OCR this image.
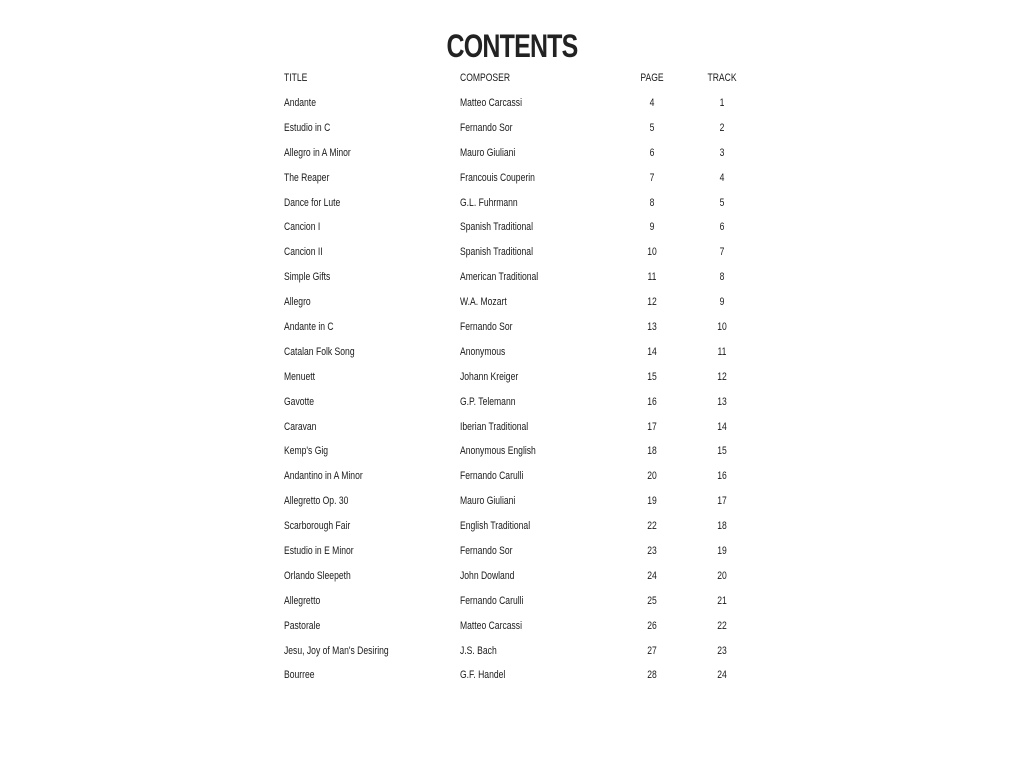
CONTENTS
TITLE	COMPOSER	PAGE	TRACK
Andante	Matteo Carcassi	4	1
Estudio in C	Fernando Sor	5	2
Allegro in A Minor	Mauro Giuliani	6	3
The Reaper	Francouis Couperin	7	4
Dance for Lute	G.L. Fuhrmann	8	5
Cancion I	Spanish Traditional	9	6
Cancion II	Spanish Traditional	10	7
Simple Gifts	American Traditional	11	8
Allegro	W.A. Mozart	12	9
Andante in C	Fernando Sor	13	10
Catalan Folk Song	Anonymous	14	11
Menuett	Johann Kreiger	15	12
Gavotte	G.P. Telemann	16	13
Caravan	Iberian Traditional	17	14
Kemp's Gig	Anonymous English	18	15
Andantino in A Minor	Fernando Carulli	20	16
Allegretto Op. 30	Mauro Giuliani	19	17
Scarborough Fair	English Traditional	22	18
Estudio in E Minor	Fernando Sor	23	19
Orlando Sleepeth	John Dowland	24	20
Allegretto	Fernando Carulli	25	21
Pastorale	Matteo Carcassi	26	22
Jesu, Joy of Man's Desiring	J.S. Bach	27	23
Bourree	G.F. Handel	28	24
